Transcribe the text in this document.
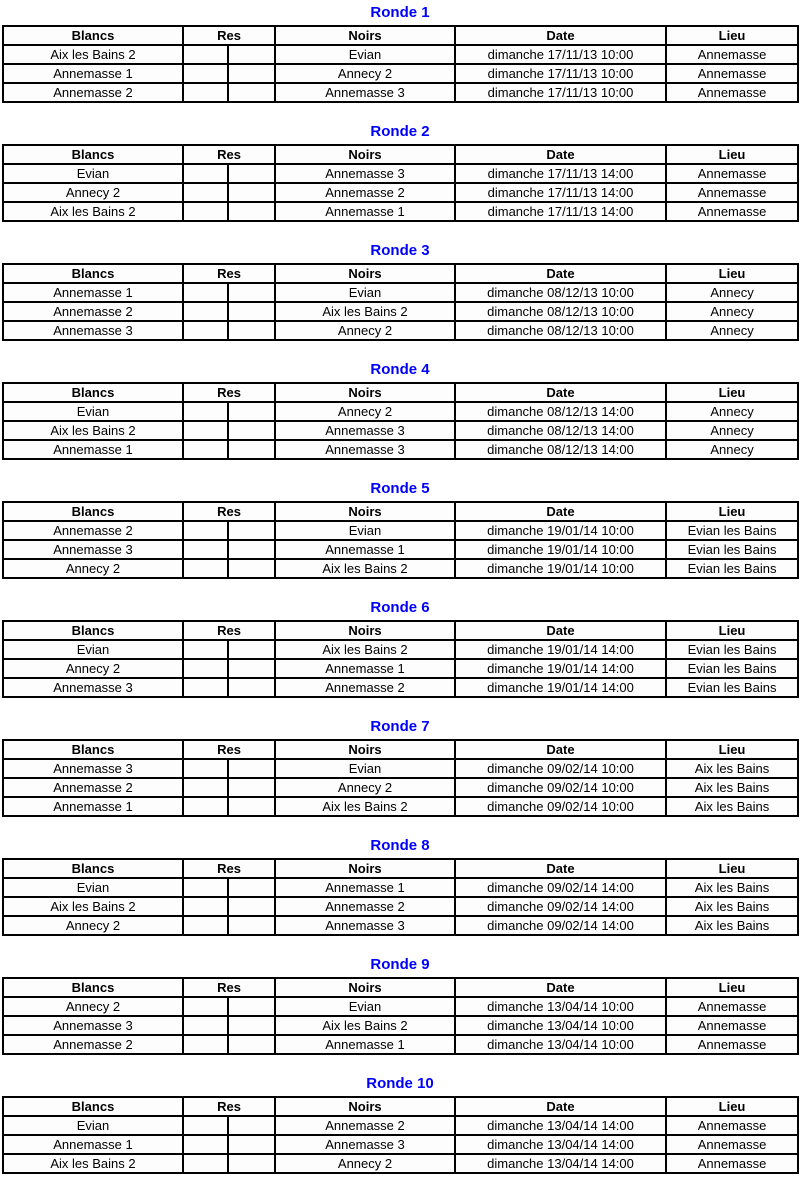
Ronde 1
Blancs	Res		Noirs	Date	Lieu
Aix les Bains 2			Evian	dimanche 17/11/13 10:00	Annemasse
Annemasse 1			Annecy 2	dimanche 17/11/13 10:00	Annemasse
Annemasse 2			Annemasse 3	dimanche 17/11/13 10:00	Annemasse
Ronde 2
Blancs	Res		Noirs	Date	Lieu
Evian			Annemasse 3	dimanche 17/11/13 14:00	Annemasse
Annecy 2			Annemasse 2	dimanche 17/11/13 14:00	Annemasse
Aix les Bains 2			Annemasse 1	dimanche 17/11/13 14:00	Annemasse
Ronde 3
Blancs	Res		Noirs	Date	Lieu
Annemasse 1			Evian	dimanche 08/12/13 10:00	Annecy
Annemasse 2			Aix les Bains 2	dimanche 08/12/13 10:00	Annecy
Annemasse 3			Annecy 2	dimanche 08/12/13 10:00	Annecy
Ronde 4
Blancs	Res		Noirs	Date	Lieu
Evian			Annecy 2	dimanche 08/12/13 14:00	Annecy
Aix les Bains 2			Annemasse 3	dimanche 08/12/13 14:00	Annecy
Annemasse 1			Annemasse 3	dimanche 08/12/13 14:00	Annecy
Ronde 5
Blancs	Res		Noirs	Date	Lieu
Annemasse 2			Evian	dimanche 19/01/14 10:00	Evian les Bains
Annemasse 3			Annemasse 1	dimanche 19/01/14 10:00	Evian les Bains
Annecy 2			Aix les Bains 2	dimanche 19/01/14 10:00	Evian les Bains
Ronde 6
Blancs	Res		Noirs	Date	Lieu
Evian			Aix les Bains 2	dimanche 19/01/14 14:00	Evian les Bains
Annecy 2			Annemasse 1	dimanche 19/01/14 14:00	Evian les Bains
Annemasse 3			Annemasse 2	dimanche 19/01/14 14:00	Evian les Bains
Ronde 7
Blancs	Res		Noirs	Date	Lieu
Annemasse 3			Evian	dimanche 09/02/14 10:00	Aix les Bains
Annemasse 2			Annecy 2	dimanche 09/02/14 10:00	Aix les Bains
Annemasse 1			Aix les Bains 2	dimanche 09/02/14 10:00	Aix les Bains
Ronde 8
Blancs	Res		Noirs	Date	Lieu
Evian			Annemasse 1	dimanche 09/02/14 14:00	Aix les Bains
Aix les Bains 2			Annemasse 2	dimanche 09/02/14 14:00	Aix les Bains
Annecy 2			Annemasse 3	dimanche 09/02/14 14:00	Aix les Bains
Ronde 9
Blancs	Res		Noirs	Date	Lieu
Annecy 2			Evian	dimanche 13/04/14 10:00	Annemasse
Annemasse 3			Aix les Bains 2	dimanche 13/04/14 10:00	Annemasse
Annemasse 2			Annemasse 1	dimanche 13/04/14 10:00	Annemasse
Ronde 10
Blancs	Res		Noirs	Date	Lieu
Evian			Annemasse 2	dimanche 13/04/14 14:00	Annemasse
Annemasse 1			Annemasse 3	dimanche 13/04/14 14:00	Annemasse
Aix les Bains 2			Annecy 2	dimanche 13/04/14 14:00	Annemasse
